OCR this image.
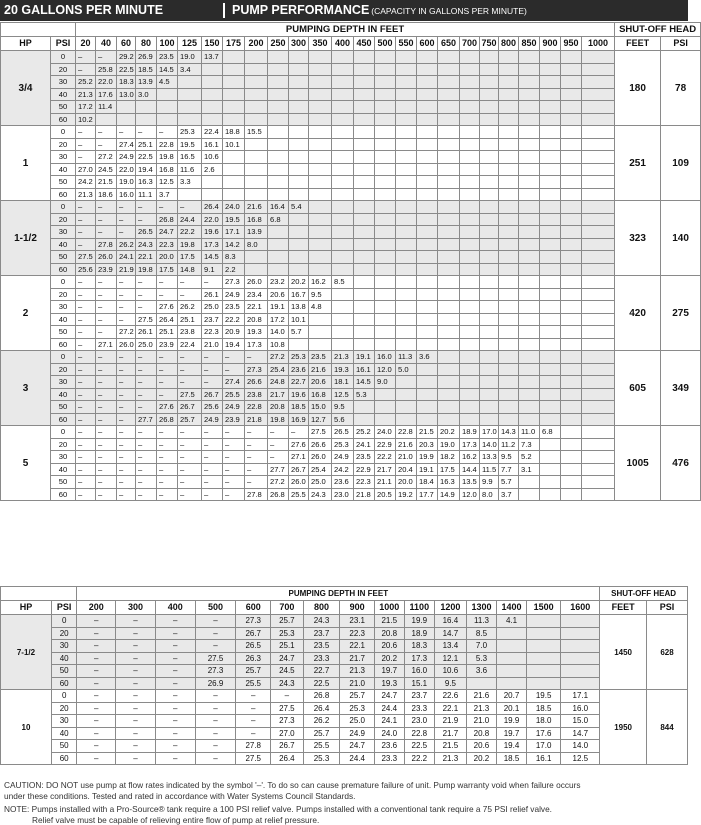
20 GALLONS PER MINUTE	PUMP PERFORMANCE (CAPACITY IN GALLONS PER MINUTE)
		PUMPING DEPTH IN FEET																									SHUT-OFF HEAD	
HP	PSI	20	40	60	80	100	125	150	175	200	250	300	350	400	450	500	550	600	650	700	750	800	850	900	950	1000	FEET	PSI
3/4	0	–	–	29.2	26.9	23.5	19.0	13.7																			180	78
	20	–	25.8	22.5	18.5	14.5	3.4																					
	30	25.2	22.0	18.3	13.9	4.5																						
	40	21.3	17.6	13.0	3.0																							
	50	17.2	11.4																									
	60	10.2																										
1	0	–	–	–	–	–	25.3	22.4	18.8	15.5																	251	109
	20	–	–	27.4	25.1	22.8	19.5	16.1	10.1																			
	30	–	27.2	24.9	22.5	19.8	16.5	10.6																				
	40	27.0	24.5	22.0	19.4	16.8	11.6	2.6																				
	50	24.2	21.5	19.0	16.3	12.5	3.3																					
	60	21.3	18.6	16.0	11.1	3.7																						
1-1/2	0	–	–	–	–	–	–	26.4	24.0	21.6	16.4	5.4															323	140
	20	–	–	–	–	26.8	24.4	22.0	19.5	16.8	6.8																	
	30	–	–	–	26.5	24.7	22.2	19.6	17.1	13.9																		
	40	–	27.8	26.2	24.3	22.3	19.8	17.3	14.2	8.0																		
	50	27.5	26.0	24.1	22.1	20.0	17.5	14.5	8.3																			
	60	25.6	23.9	21.9	19.8	17.5	14.8	9.1	2.2																			
2	0	–	–	–	–	–	–	–	27.3	26.0	23.2	20.2	16.2	8.5													420	275
	20	–	–	–	–	–	–	26.1	24.9	23.4	20.6	16.7	9.5															
	30	–	–	–	–	27.6	26.2	25.0	23.5	22.1	19.1	13.8	4.8															
	40	–	–	–	27.5	26.4	25.1	23.7	22.2	20.8	17.2	10.1																
	50	–	–	27.2	26.1	25.1	23.8	22.3	20.9	19.3	14.0	5.7																
	60	–	27.1	26.0	25.0	23.9	22.4	21.0	19.4	17.3	10.8																	
3	0	–	–	–	–	–	–	–	–	–	27.2	25.3	23.5	21.3	19.1	16.0	11.3	3.6									605	349
	20	–	–	–	–	–	–	–	–	27.3	25.4	23.6	21.6	19.3	16.1	12.0	5.0											
	30	–	–	–	–	–	–	–	27.4	26.6	24.8	22.7	20.6	18.1	14.5	9.0												
	40	–	–	–	–	–	27.5	26.7	25.5	23.8	21.7	19.6	16.8	12.5	5.3													
	50	–	–	–	–	27.6	26.7	25.6	24.9	22.8	20.8	18.5	15.0	9.5														
	60	–	–	–	27.7	26.8	25.7	24.9	23.9	21.8	19.8	16.9	12.7	5.6														
5	0	–	–	–	–	–	–	–	–	–	–	–	27.5	26.5	25.2	24.0	22.8	21.5	20.2	18.9	17.0	14.3	11.0	6.8			1005	476
	20	–	–	–	–	–	–	–	–	–	–	27.6	26.6	25.3	24.1	22.9	21.6	20.3	19.0	17.3	14.0	11.2	7.3					
	30	–	–	–	–	–	–	–	–	–	–	27.1	26.0	24.9	23.5	22.2	21.0	19.9	18.2	16.2	13.3	9.5	5.2					
	40	–	–	–	–	–	–	–	–	–	27.7	26.7	25.4	24.2	22.9	21.7	20.4	19.1	17.5	14.4	11.5	7.7	3.1					
	50	–	–	–	–	–	–	–	–	–	27.2	26.0	25.0	23.6	22.3	21.1	20.0	18.4	16.3	13.5	9.9	5.7						
	60	–	–	–	–	–	–	–	–	27.8	26.8	25.5	24.3	23.0	21.8	20.5	19.2	17.7	14.9	12.0	8.0	3.7						
		PUMPING DEPTH IN FEET															SHUT-OFF HEAD	
HP	PSI	200	300	400	500	600	700	800	900	1000	1100	1200	1300	1400	1500	1600	FEET	PSI
7-1/2	0	–	–	–	–	27.3	25.7	24.3	23.1	21.5	19.9	16.4	11.3	4.1			1450	628
	20	–	–	–	–	26.7	25.3	23.7	22.3	20.8	18.9	14.7	8.5					
	30	–	–	–	–	26.5	25.1	23.5	22.1	20.6	18.3	13.4	7.0					
	40	–	–	–	27.5	26.3	24.7	23.3	21.7	20.2	17.3	12.1	5.3					
	50	–	–	–	27.3	25.7	24.5	22.7	21.3	19.7	16.0	10.6	3.6					
	60	–	–	–	26.9	25.5	24.3	22.5	21.0	19.3	15.1	9.5						
10	0	–	–	–	–	–	–	26.8	25.7	24.7	23.7	22.6	21.6	20.7	19.5	17.1	1950	844
	20	–	–	–	–	–	27.5	26.4	25.3	24.4	23.3	22.1	21.3	20.1	18.5	16.0		
	30	–	–	–	–	–	27.3	26.2	25.0	24.1	23.0	21.9	21.0	19.9	18.0	15.0		
	40	–	–	–	–	–	27.0	25.7	24.9	24.0	22.8	21.7	20.8	19.7	17.6	14.7		
	50	–	–	–	–	27.8	26.7	25.5	24.7	23.6	22.5	21.5	20.6	19.4	17.0	14.0		
	60	–	–	–	–	27.5	26.4	25.3	24.4	23.3	22.2	21.3	20.2	18.5	16.1	12.5		
CAUTION: DO NOT use pump at flow rates indicated by the symbol '–'. To do so can cause premature failure of unit. Pump warranty void when failure occurs
under these conditions. Tested and rated in accordance with Water Systems Council Standards.
NOTE: Pumps installed with a Pro-Source® tank require a 100 PSI relief valve. Pumps installed with a conventional tank require a 75 PSI relief valve.
Relief valve must be capable of relieving entire flow of pump at relief pressure.
